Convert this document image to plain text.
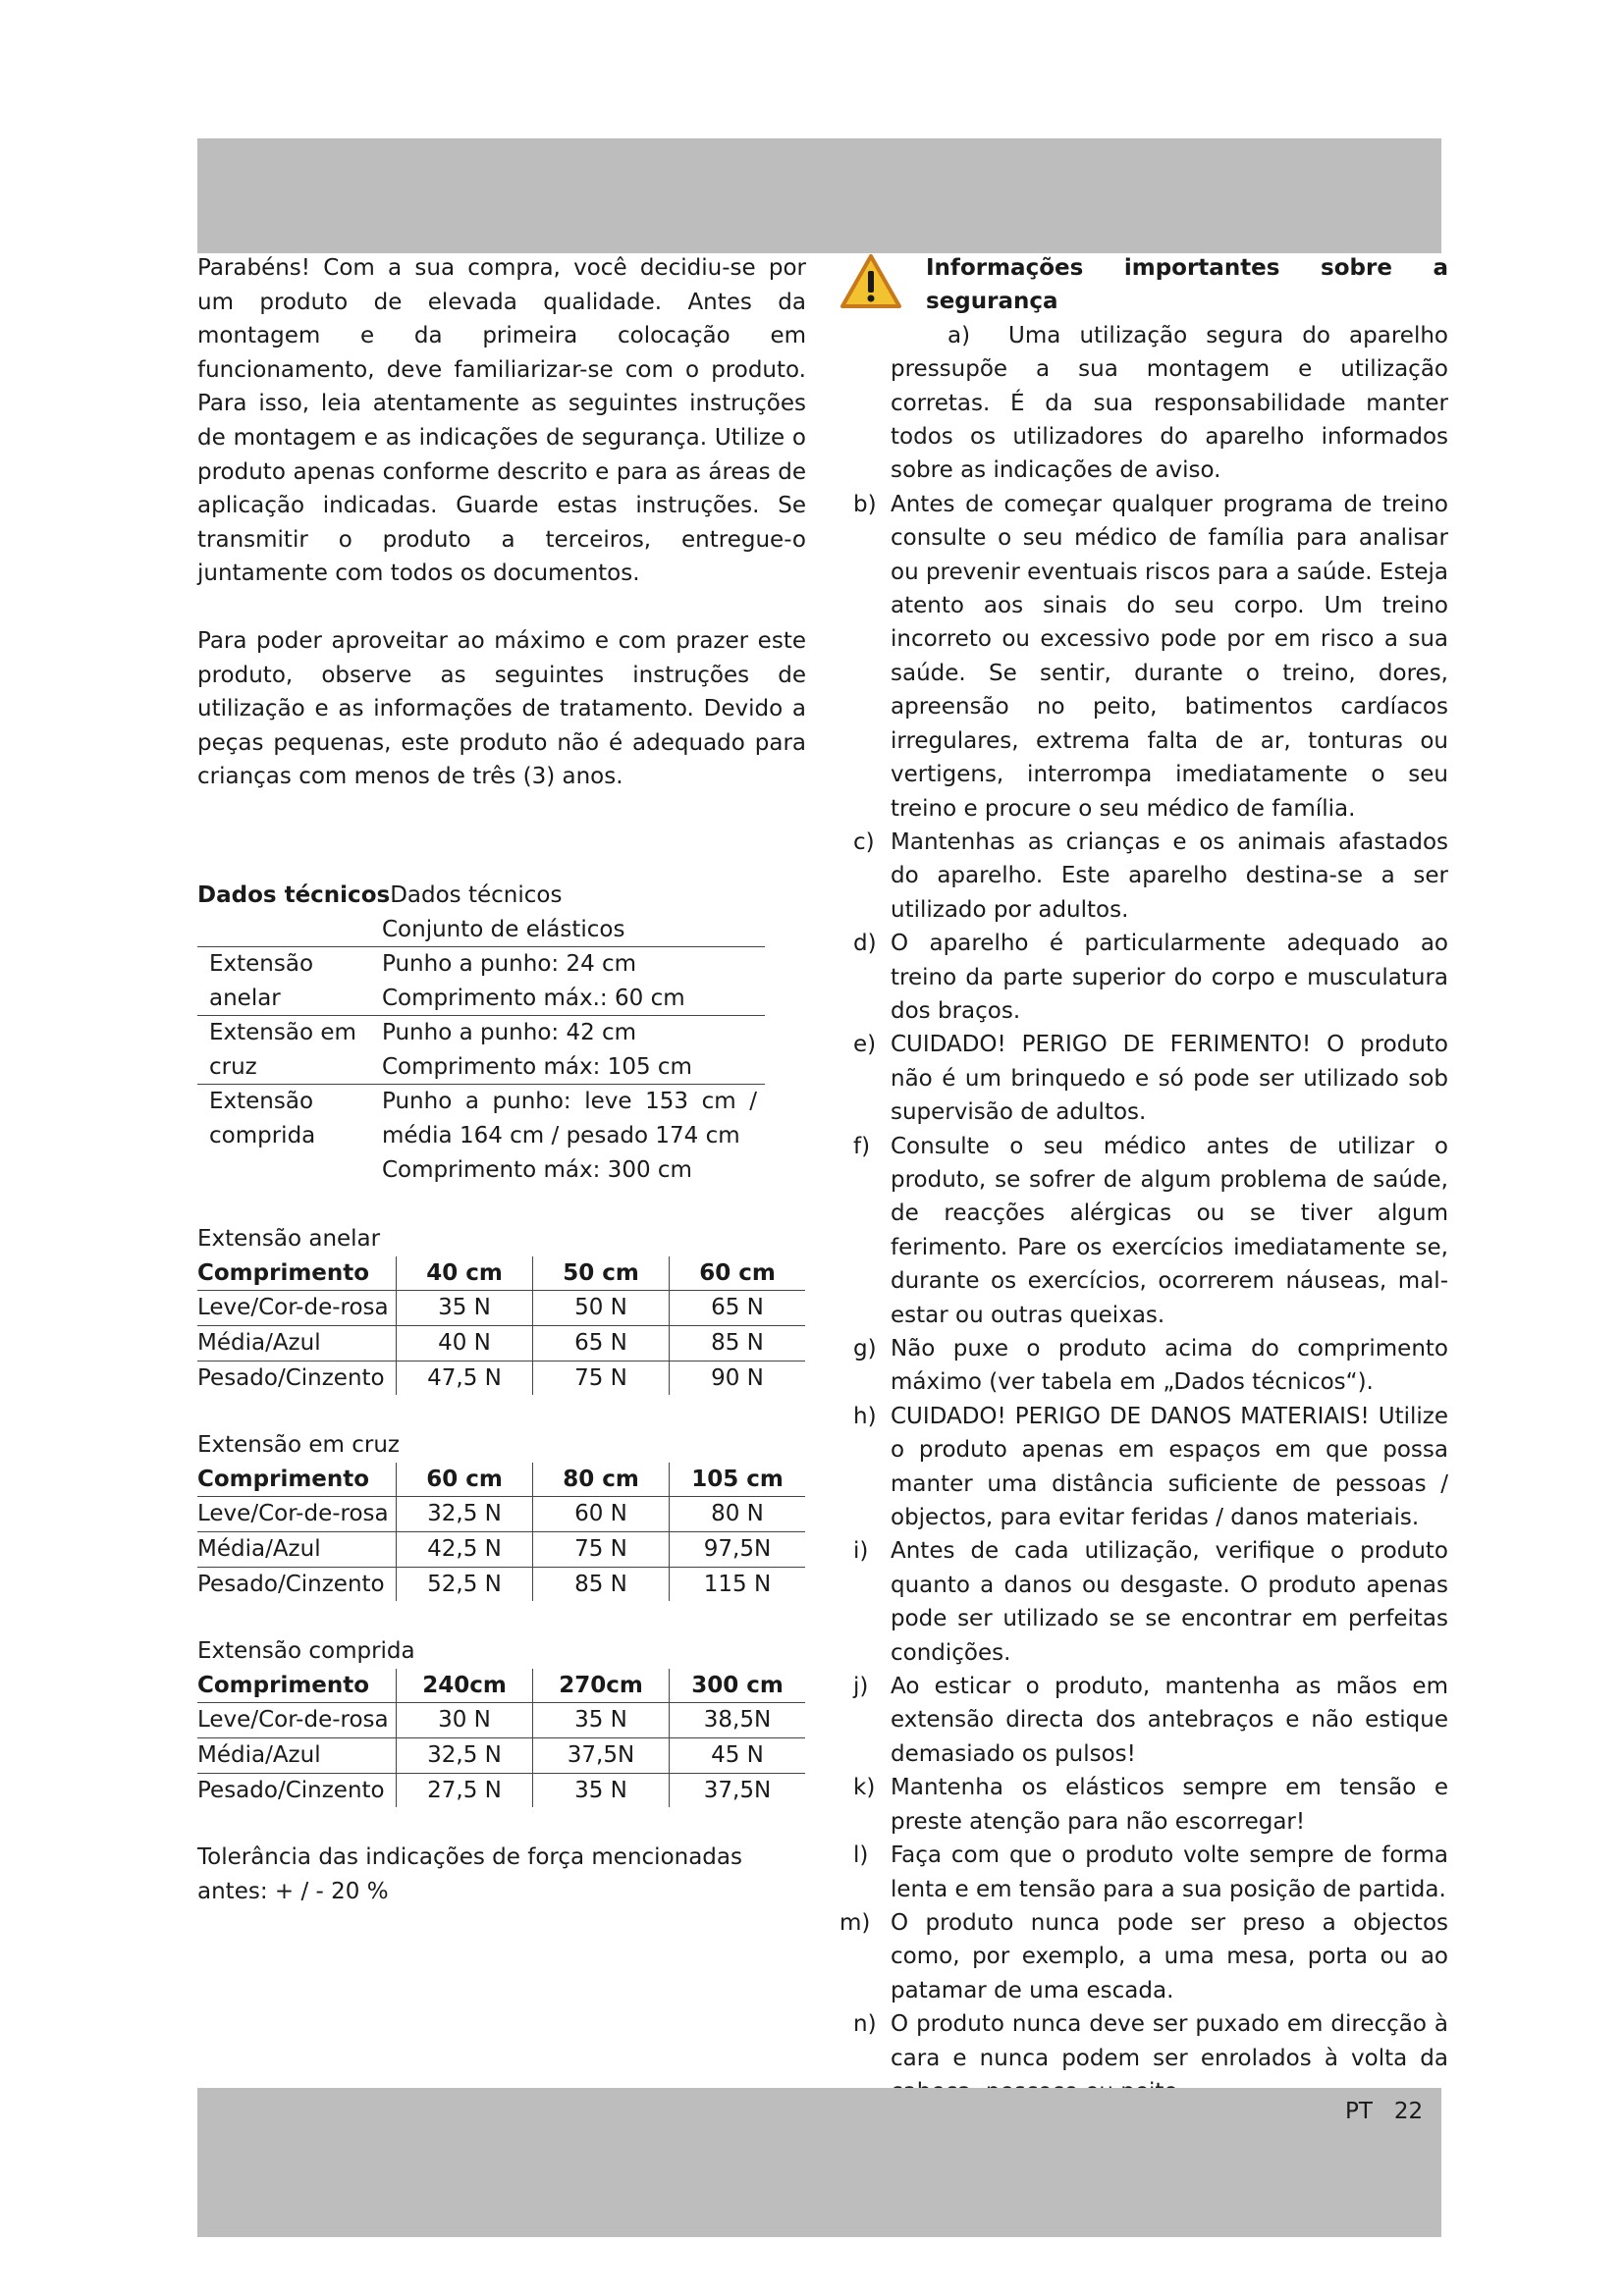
Parabéns! Com a sua compra, você decidiu-se por um produto de elevada qualidade. Antes da montagem e da primeira colocação em funcionamento, deve familiarizar-se com o produto. Para isso, leia atentamente as seguintes instruções de montagem e as indicações de segurança. Utilize o produto apenas conforme descrito e para as áreas de aplicação indicadas. Guarde estas instruções. Se transmitir o produto a terceiros, entregue-o juntamente com todos os documentos.

Para poder aproveitar ao máximo e com prazer este produto, observe as seguintes instruções de utilização e as informações de tratamento. Devido a peças pequenas, este produto não é adequado para crianças com menos de três (3) anos.

Dados técnicosDados técnicos

	Conjunto de elásticos
Extensão anelar	Punho a punho: 24 cm
Comprimento máx.: 60 cm

Extensão em cruz	Punho a punho: 42 cm
Comprimento máx: 105 cm

Extensão comprida	Punho a punho: leve 153 cm / média 164 cm / pesado 174 cm
Comprimento máx: 300 cm

Extensão anelar

Comprimento	40 cm	50 cm	60 cm
Leve/Cor-de-rosa	35 N	50 N	65 N
Média/Azul	40 N	65 N	85 N
Pesado/Cinzento	47,5 N	75 N	90 N

Extensão em cruz

Comprimento	60 cm	80 cm	105 cm
Leve/Cor-de-rosa	32,5 N	60 N	80 N
Média/Azul	42,5 N	75 N	97,5N
Pesado/Cinzento	52,5 N	85 N	115 N

Extensão comprida

Comprimento	240cm	270cm	300 cm
Leve/Cor-de-rosa	30 N	35 N	38,5N
Média/Azul	32,5 N	37,5N	45 N
Pesado/Cinzento	27,5 N	35 N	37,5N

Tolerância das indicações de força mencionadas antes: + / - 20 %

Informações importantes sobre a segurança

a) Uma utilização segura do aparelho pressupõe a sua montagem e utilização corretas. É da sua responsabilidade manter todos os utilizadores do aparelho informados sobre as indicações de aviso.
b) Antes de começar qualquer programa de treino consulte o seu médico de família para analisar ou prevenir eventuais riscos para a saúde. Esteja atento aos sinais do seu corpo. Um treino incorreto ou excessivo pode por em risco a sua saúde. Se sentir, durante o treino, dores, apreensão no peito, batimentos cardíacos irregulares, extrema falta de ar, tonturas ou vertigens, interrompa imediatamente o seu treino e procure o seu médico de família.
c) Mantenhas as crianças e os animais afastados do aparelho. Este aparelho destina-se a ser utilizado por adultos.
d) O aparelho é particularmente adequado ao treino da parte superior do corpo e musculatura dos braços.
e) CUIDADO! PERIGO DE FERIMENTO! O produto não é um brinquedo e só pode ser utilizado sob supervisão de adultos.
f) Consulte o seu médico antes de utilizar o produto, se sofrer de algum problema de saúde, de reacções alérgicas ou se tiver algum ferimento. Pare os exercícios imediatamente se, durante os exercícios, ocorrerem náuseas, mal-estar ou outras queixas.
g) Não puxe o produto acima do comprimento máximo (ver tabela em „Dados técnicos“).
h) CUIDADO! PERIGO DE DANOS MATERIAIS! Utilize o produto apenas em espaços em que possa manter uma distância suficiente de pessoas / objectos, para evitar feridas / danos materiais.
i) Antes de cada utilização, verifique o produto quanto a danos ou desgaste. O produto apenas pode ser utilizado se se encontrar em perfeitas condições.
j) Ao esticar o produto, mantenha as mãos em extensão directa dos antebraços e não estique demasiado os pulsos!
k) Mantenha os elásticos sempre em tensão e preste atenção para não escorregar!
l) Faça com que o produto volte sempre de forma lenta e em tensão para a sua posição de partida.
m) O produto nunca pode ser preso a objectos como, por exemplo, a uma mesa, porta ou ao patamar de uma escada.
n) O produto nunca deve ser puxado em direcção à cara e nunca podem ser enrolados à volta da
PT 22
